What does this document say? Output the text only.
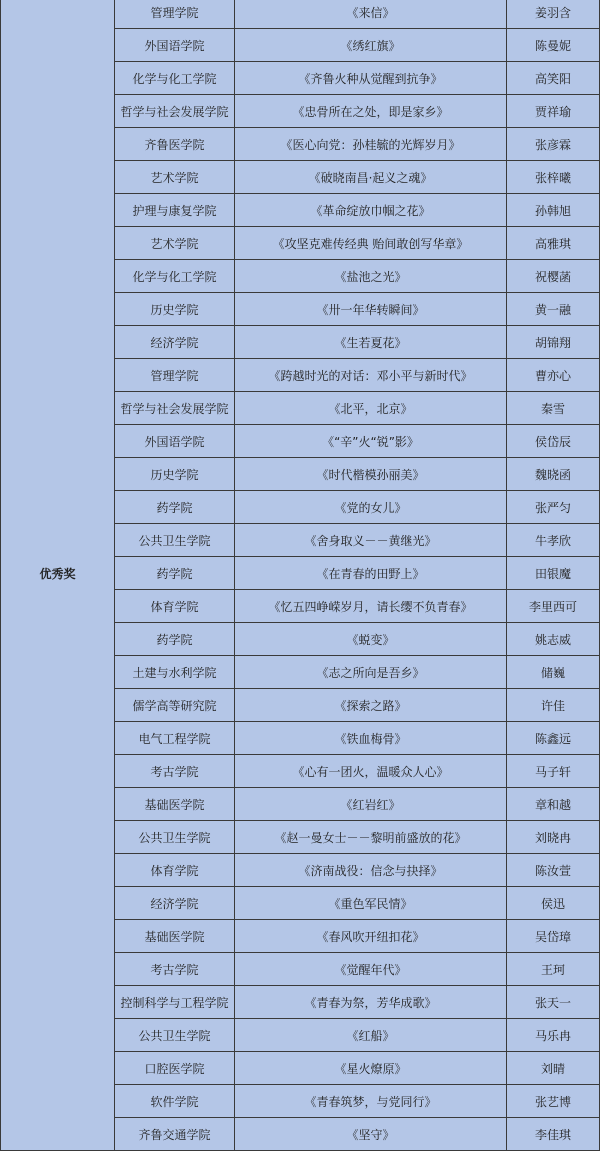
优秀奖	管理学院	《来信》	姜羽含
	外国语学院	《绣红旗》	陈曼妮
	化学与化工学院	《齐鲁火种从觉醒到抗争》	高笑阳
	哲学与社会发展学院	《忠骨所在之处，即是家乡》	贾祥瑜
	齐鲁医学院	《医心向党：孙桂毓的光辉岁月》	张彦霖
	艺术学院	《破晓南昌·起义之魂》	张梓曦
	护理与康复学院	《革命绽放巾帼之花》	孙韩旭
	艺术学院	《攻坚克难传经典 贻间敢创写华章》	高雅琪
	化学与化工学院	《盐池之光》	祝樱菡
	历史学院	《卅一年华转瞬间》	黄一融
	经济学院	《生若夏花》	胡锦翔
	管理学院	《跨越时光的对话：邓小平与新时代》	曹亦心
	哲学与社会发展学院	《北平，北京》	秦雪
	外国语学院	《“辛”火“锐”影》	侯岱辰
	历史学院	《时代楷模孙丽美》	魏晓函
	药学院	《党的女儿》	张严匀
	公共卫生学院	《舍身取义－－黄继光》	牛孝欣
	药学院	《在青春的田野上》	田银魔
	体育学院	《忆五四峥嵘岁月，请长缨不负青春》	李里西可
	药学院	《蜕变》	姚志威
	土建与水利学院	《志之所向是吾乡》	储巍
	儒学高等研究院	《探索之路》	许佳
	电气工程学院	《铁血梅骨》	陈鑫远
	考古学院	《心有一团火，温暖众人心》	马子轩
	基础医学院	《红岩红》	章和越
	公共卫生学院	《赵一曼女士－－黎明前盛放的花》	刘晓冉
	体育学院	《济南战役：信念与抉择》	陈汝萱
	经济学院	《重色军民情》	侯迅
	基础医学院	《春风吹开纽扣花》	吴岱璋
	考古学院	《觉醒年代》	王珂
	控制科学与工程学院	《青春为祭，芳华成歌》	张天一
	公共卫生学院	《红船》	马乐冉
	口腔医学院	《星火燎原》	刘晴
	软件学院	《青春筑梦，与党同行》	张艺博
	齐鲁交通学院	《坚守》	李佳琪
